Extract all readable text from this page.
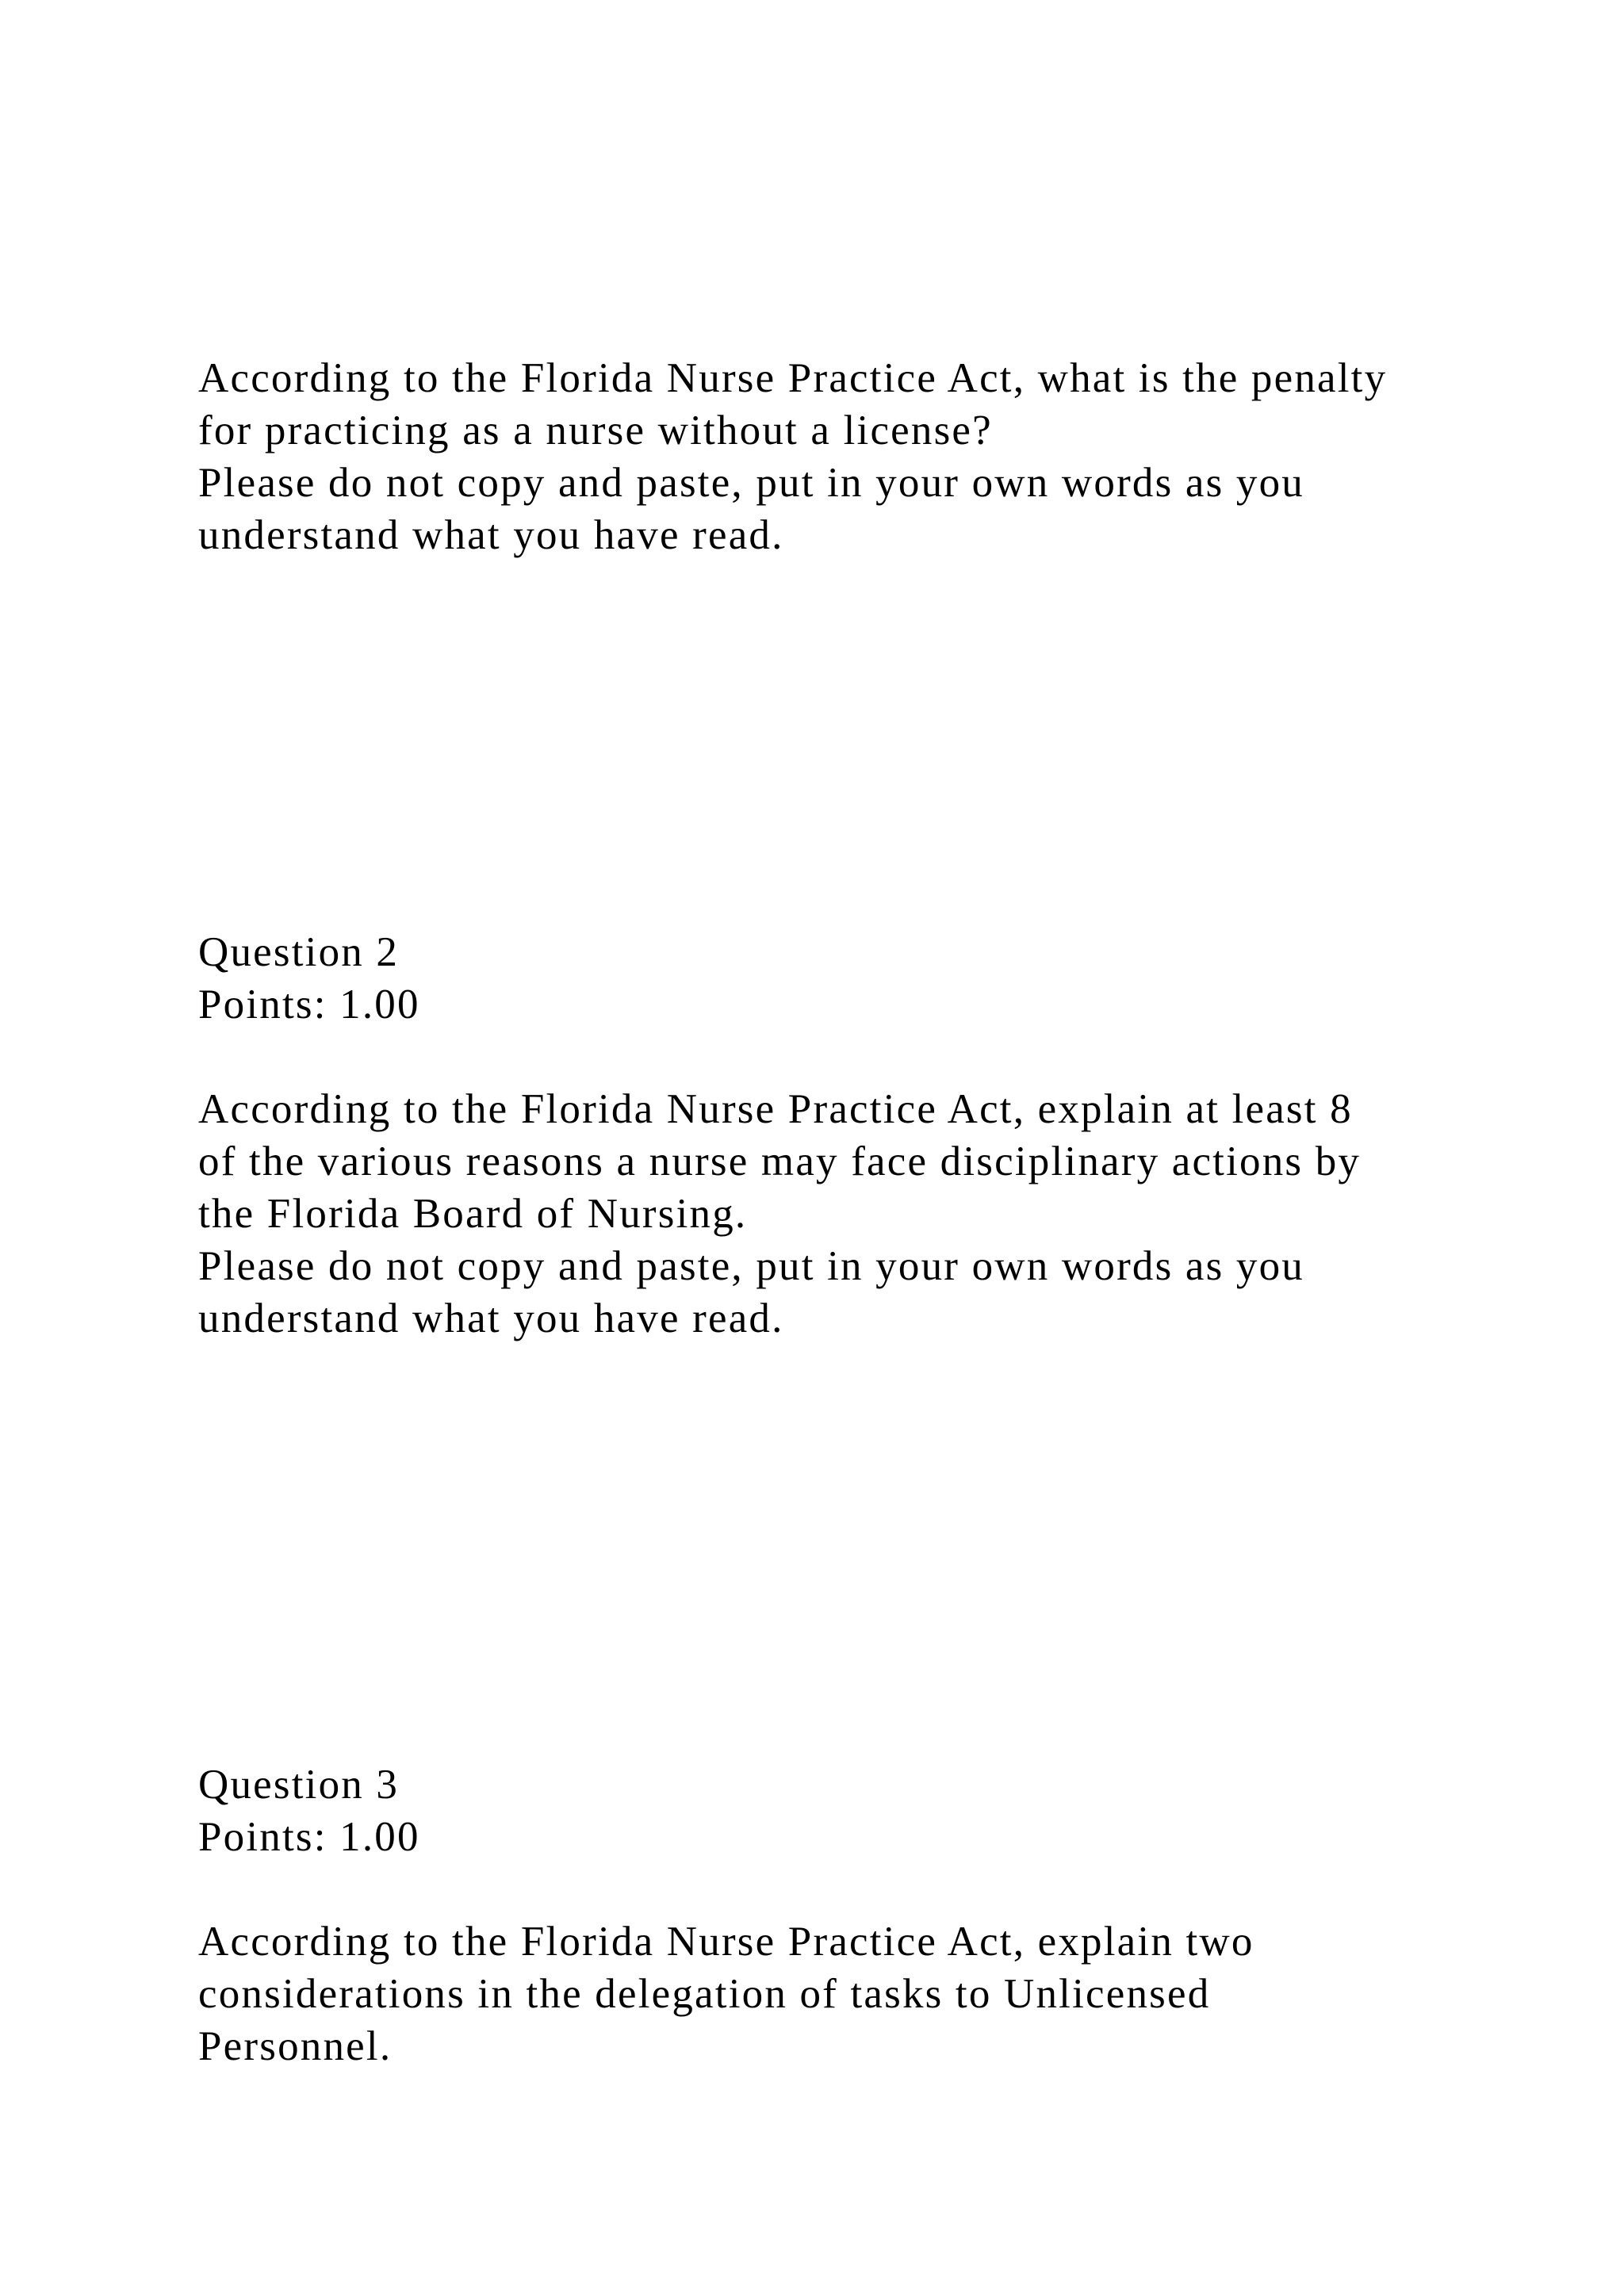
According to the Florida Nurse Practice Act, what is the penalty
for practicing as a nurse without a license?
Please do not copy and paste, put in your own words as you
understand what you have read.
Question 2
Points: 1.00
According to the Florida Nurse Practice Act, explain at least 8
of the various reasons a nurse may face disciplinary actions by
the Florida Board of Nursing.
Please do not copy and paste, put in your own words as you
understand what you have read.
Question 3
Points: 1.00
According to the Florida Nurse Practice Act, explain two
considerations in the delegation of tasks to Unlicensed
Personnel.
